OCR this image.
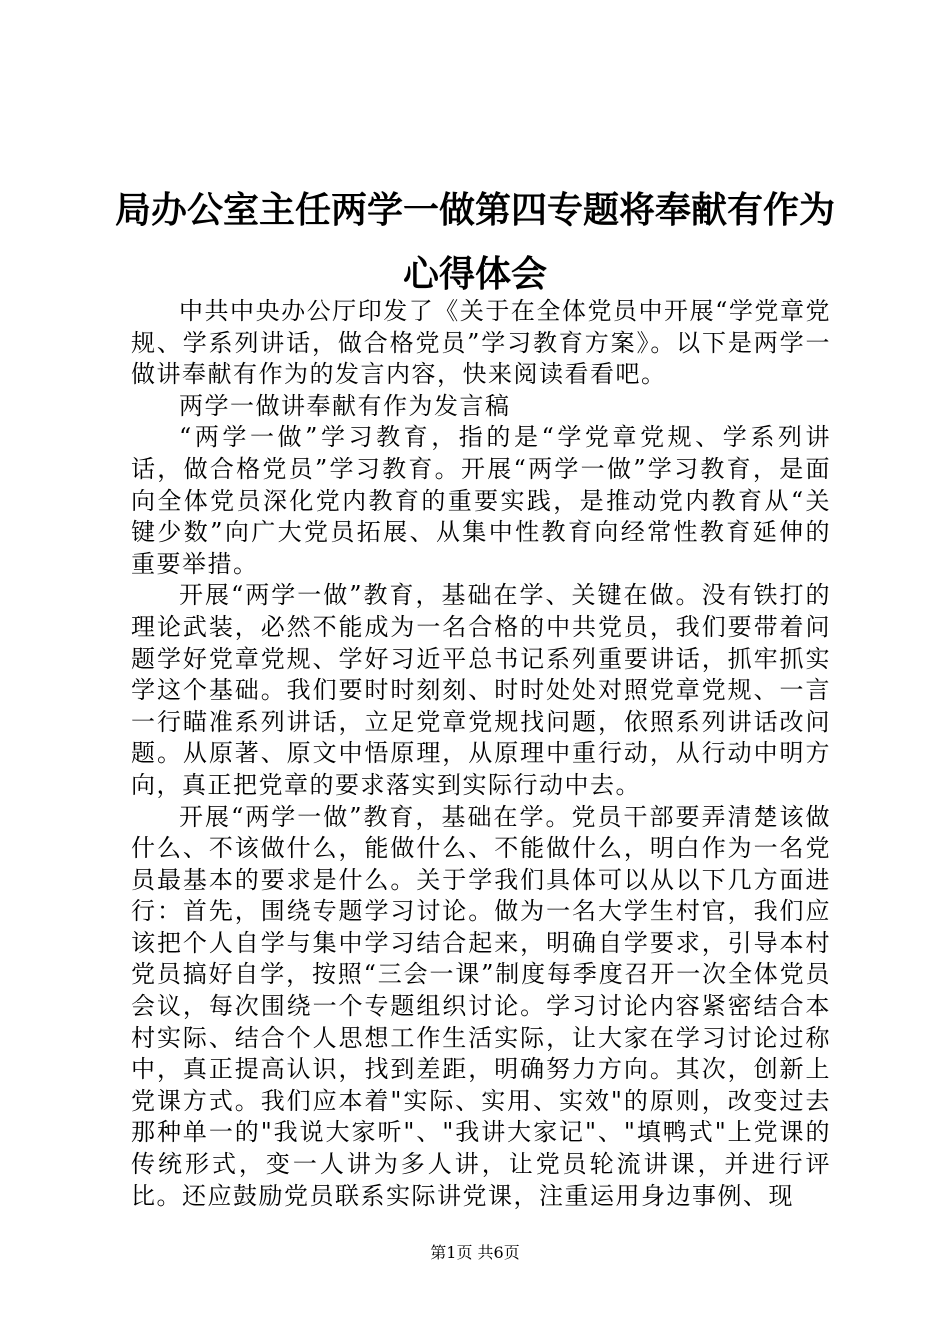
局办公室主任两学一做第四专题将奉献有作为
心得体会

中共中央办公厅印发了《关于在全体党员中开展“学党章党规、学系列讲话，做合格党员”学习教育方案》。以下是两学一做讲奉献有作为的发言内容，快来阅读看看吧。

两学一做讲奉献有作为发言稿

“两学一做”学习教育，指的是“学党章党规、学系列讲话，做合格党员”学习教育。开展“两学一做”学习教育，是面向全体党员深化党内教育的重要实践，是推动党内教育从“关键少数”向广大党员拓展、从集中性教育向经常性教育延伸的重要举措。

开展“两学一做”教育，基础在学、关键在做。没有铁打的理论武装，必然不能成为一名合格的中共党员，我们要带着问题学好党章党规、学好习近平总书记系列重要讲话，抓牢抓实学这个基础。我们要时时刻刻、时时处处对照党章党规、一言一行瞄准系列讲话，立足党章党规找问题，依照系列讲话改问题。从原著、原文中悟原理，从原理中重行动，从行动中明方向，真正把党章的要求落实到实际行动中去。

开展“两学一做”教育，基础在学。党员干部要弄清楚该做什么、不该做什么，能做什么、不能做什么，明白作为一名党员最基本的要求是什么。关于学我们具体可以从以下几方面进行：首先，围绕专题学习讨论。做为一名大学生村官，我们应该把个人自学与集中学习结合起来，明确自学要求，引导本村党员搞好自学，按照“三会一课”制度每季度召开一次全体党员会议，每次围绕一个专题组织讨论。学习讨论内容紧密结合本村实际、结合个人思想工作生活实际，让大家在学习讨论过称中，真正提高认识，找到差距，明确努力方向。其次，创新上党课方式。我们应本着"实际、实用、实效"的原则，改变过去那种单一的"我说大家听"、"我讲大家记"、"填鸭式"上党课的传统形式，变一人讲为多人讲，让党员轮流讲课，并进行评比。还应鼓励党员联系实际讲党课，注重运用身边事例、现

第1页 共6页
